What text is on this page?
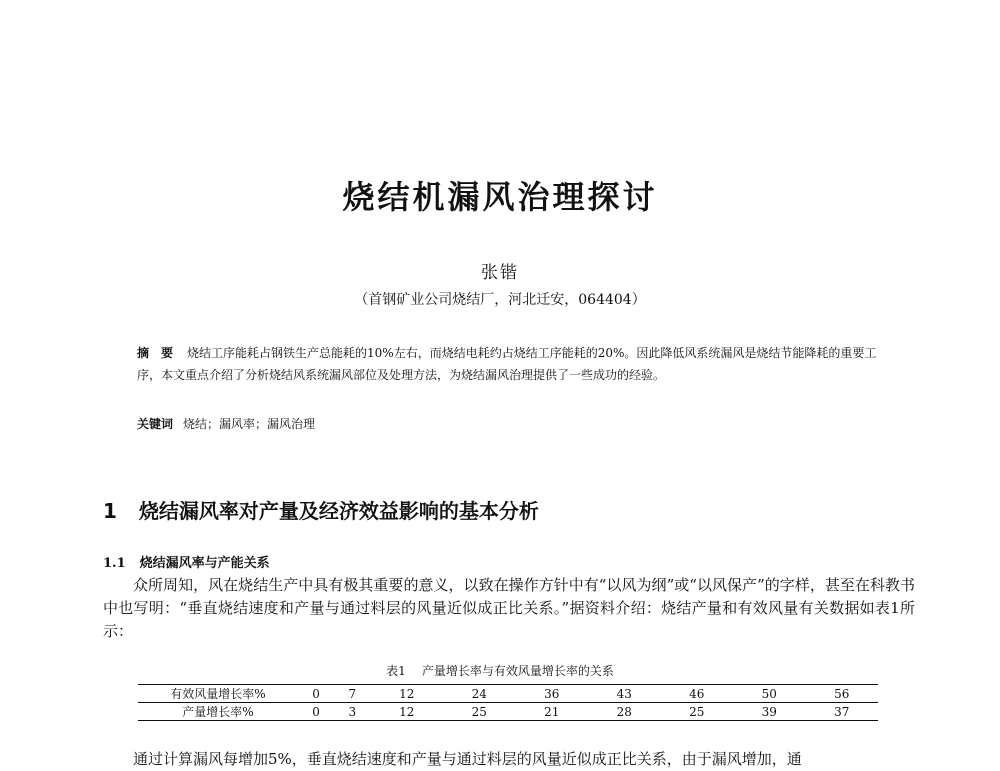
烧结机漏风治理探讨
张锴
（首钢矿业公司烧结厂，河北迁安，064404）
摘　要 烧结工序能耗占钢铁生产总能耗的10%左右，而烧结电耗约占烧结工序能耗的20%。因此降低风系统漏风是烧结节能降耗的重要工序，本文重点介绍了分析烧结风系统漏风部位及处理方法，为烧结漏风治理提供了一些成功的经验。
关键词 烧结；漏风率；漏风治理
1 烧结漏风率对产量及经济效益影响的基本分析
1.1 烧结漏风率与产能关系
众所周知，风在烧结生产中具有极其重要的意义，以致在操作方针中有“以风为纲”或“以风保产”的字样，甚至在科教书中也写明：“垂直烧结速度和产量与通过料层的风量近似成正比关系。”据资料介绍：烧结产量和有效风量有关数据如表1所示：
表1 产量增长率与有效风量增长率的关系
有效风量增长率%	0	7	12	24	36	43	46	50	56
产量增长率%	0	3	12	25	21	28	25	39	37
通过计算漏风每增加5%，垂直烧结速度和产量与通过料层的风量近似成正比关系，由于漏风增加，通
